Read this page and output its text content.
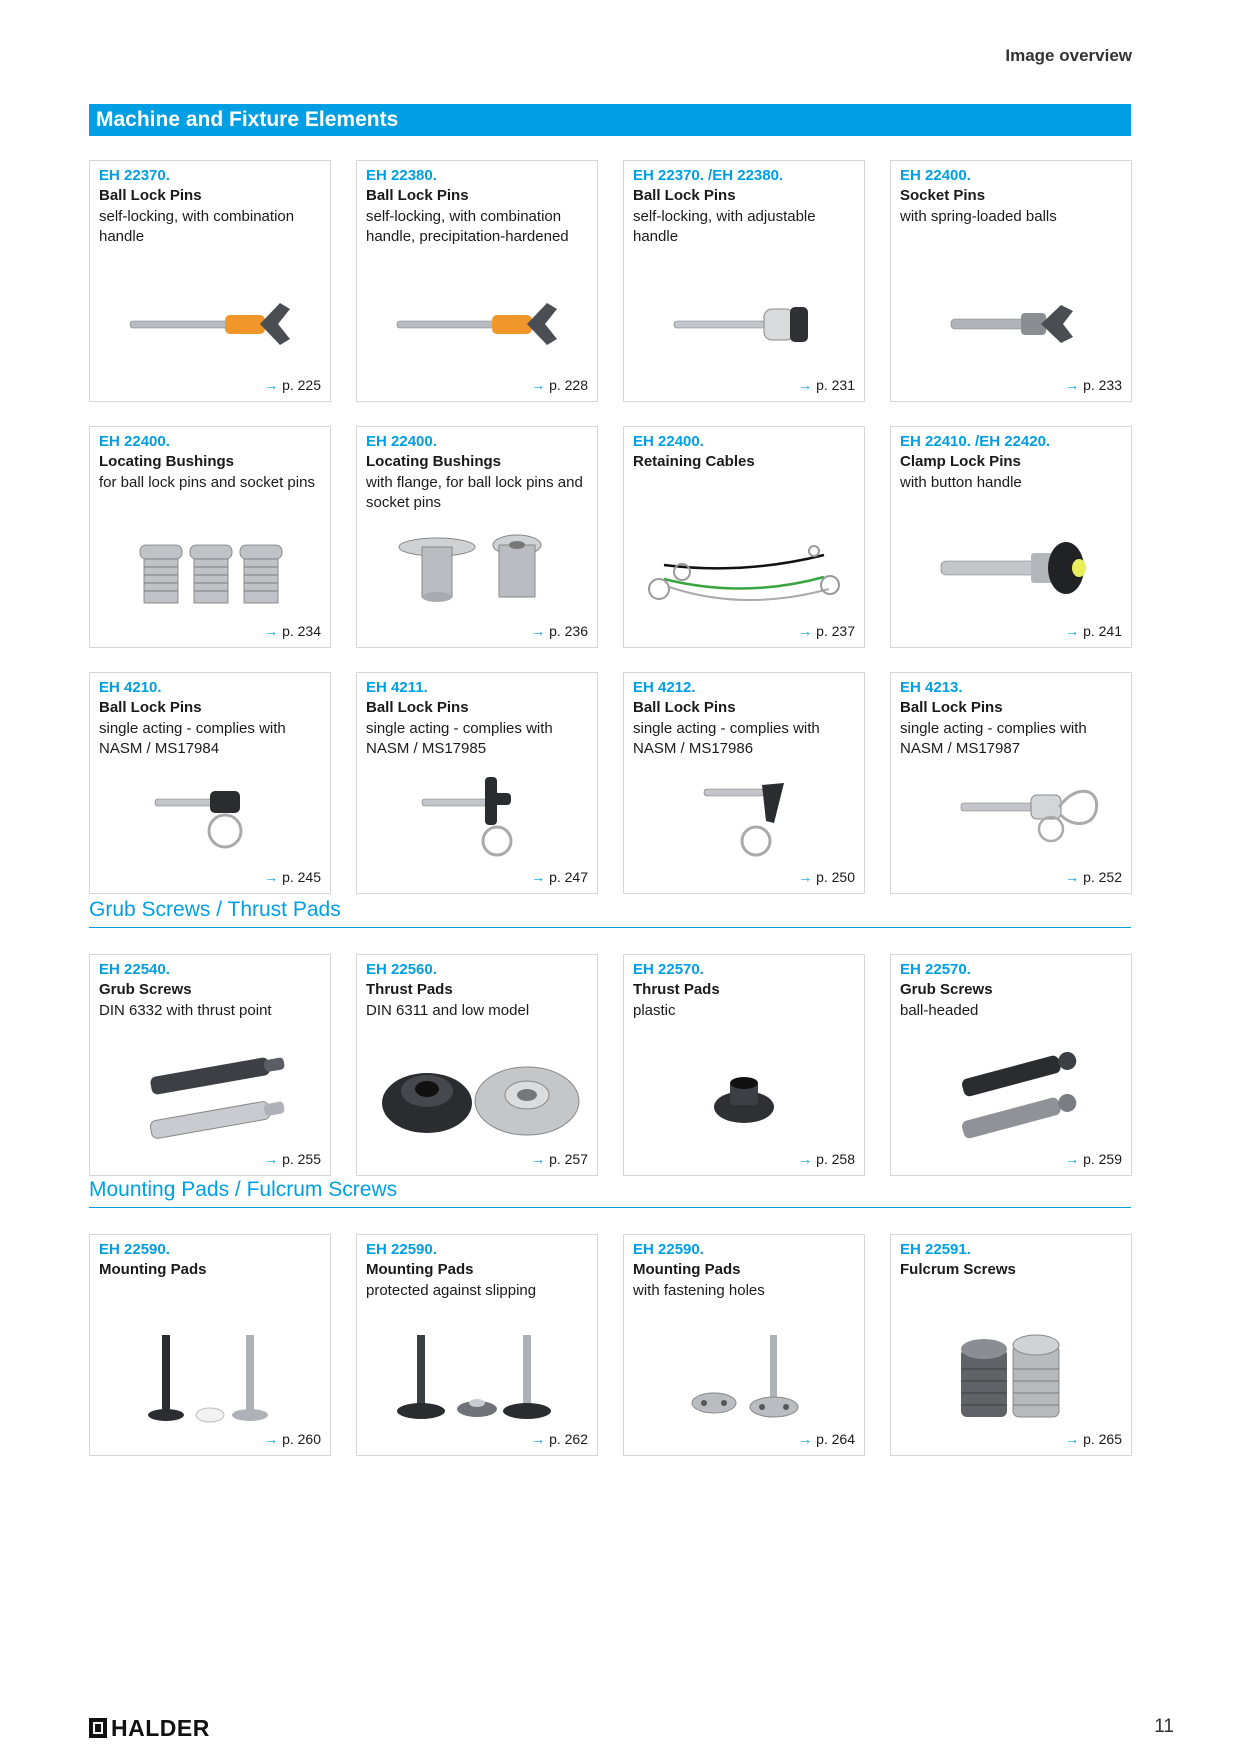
Image overview
Machine and Fixture Elements
Grub Screws / Thrust Pads
Mounting Pads / Fulcrum Screws
EH 22370.
Ball Lock Pins
self-locking, with combination handle
→ p. 225
EH 22380.
Ball Lock Pins
self-locking, with combination handle, precipitation-hardened
→ p. 228
EH 22370. /EH 22380.
Ball Lock Pins
self-locking, with adjustable handle
→ p. 231
EH 22400.
Socket Pins
with spring-loaded balls
→ p. 233
EH 22400.
Locating Bushings
for ball lock pins and socket pins
→ p. 234
EH 22400.
Locating Bushings
with flange, for ball lock pins and socket pins
→ p. 236
EH 22400.
Retaining Cables
→ p. 237
EH 22410. /EH 22420.
Clamp Lock Pins
with button handle
→ p. 241
EH 4210.
Ball Lock Pins
single acting - complies with NASM / MS17984
→ p. 245
EH 4211.
Ball Lock Pins
single acting - complies with NASM / MS17985
→ p. 247
EH 4212.
Ball Lock Pins
single acting - complies with NASM / MS17986
→ p. 250
EH 4213.
Ball Lock Pins
single acting - complies with NASM / MS17987
→ p. 252
EH 22540.
Grub Screws
DIN 6332 with thrust point
→ p. 255
EH 22560.
Thrust Pads
DIN 6311 and low model
→ p. 257
EH 22570.
Thrust Pads
plastic
→ p. 258
EH 22570.
Grub Screws
ball-headed
→ p. 259
EH 22590.
Mounting Pads
→ p. 260
EH 22590.
Mounting Pads
protected against slipping
→ p. 262
EH 22590.
Mounting Pads
with fastening holes
→ p. 264
EH 22591.
Fulcrum Screws
→ p. 265
HALDER	11
